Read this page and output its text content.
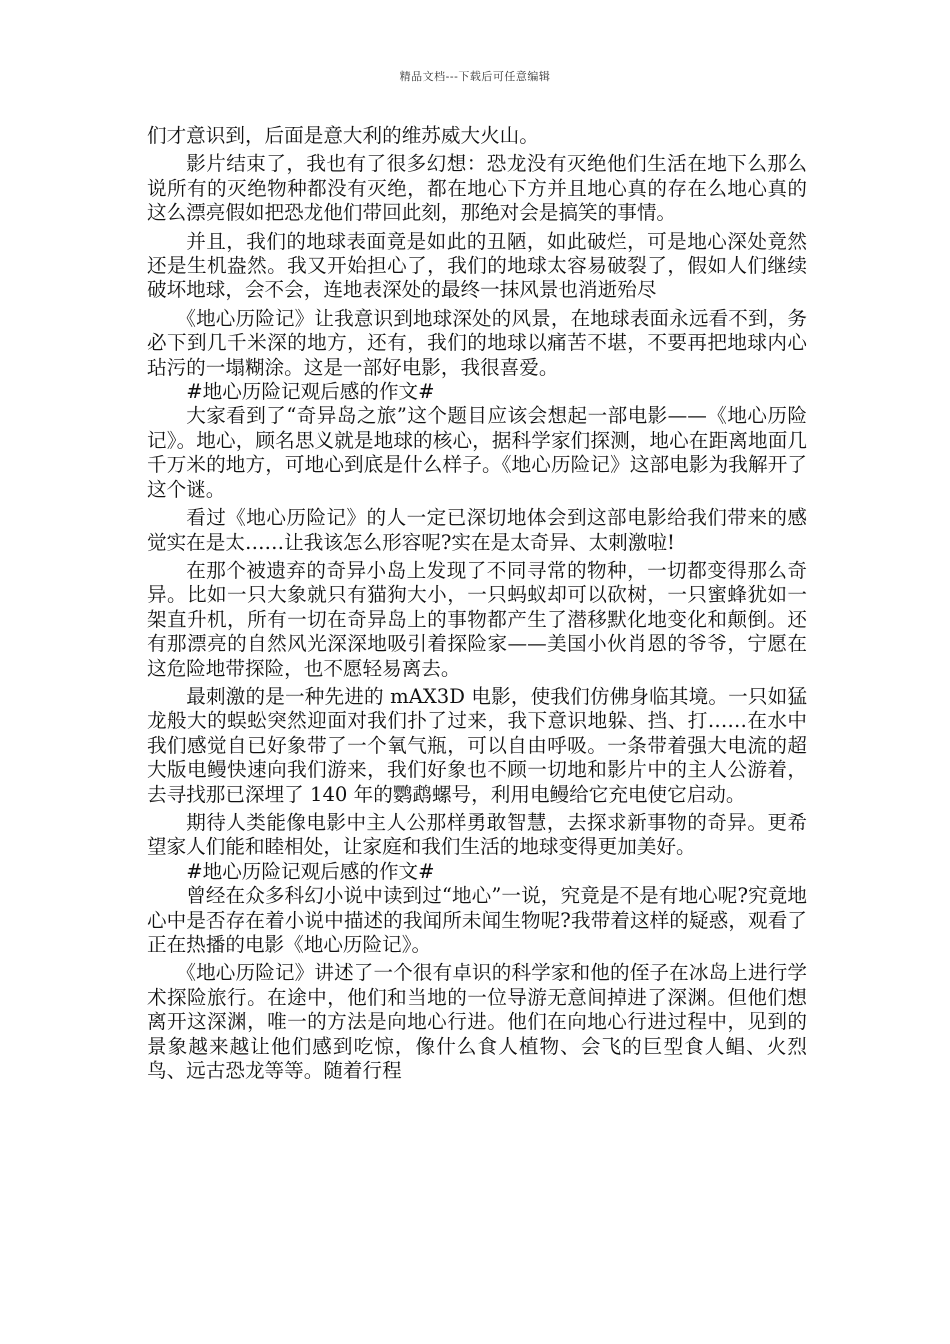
精品文档---下载后可任意编辑

们才意识到，后面是意大利的维苏威大火山。

影片结束了，我也有了很多幻想：恐龙没有灭绝他们生活在地下么那么说所有的灭绝物种都没有灭绝，都在地心下方并且地心真的存在么地心真的这么漂亮假如把恐龙他们带回此刻，那绝对会是搞笑的事情。

并且，我们的地球表面竟是如此的丑陋，如此破烂，可是地心深处竟然还是生机盎然。我又开始担心了，我们的地球太容易破裂了，假如人们继续破坏地球，会不会，连地表深处的最终一抹风景也消逝殆尽

《地心历险记》让我意识到地球深处的风景，在地球表面永远看不到，务必下到几千米深的地方，还有，我们的地球以痛苦不堪，不要再把地球内心玷污的一塌糊涂。这是一部好电影，我很喜爱。

#地心历险记观后感的作文#

大家看到了“奇异岛之旅”这个题目应该会想起一部电影——《地心历险记》。地心，顾名思义就是地球的核心，据科学家们探测，地心在距离地面几千万米的地方，可地心到底是什么样子。《地心历险记》这部电影为我解开了这个谜。

看过《地心历险记》的人一定已深切地体会到这部电影给我们带来的感觉实在是太……让我该怎么形容呢?实在是太奇异、太刺激啦!

在那个被遗弃的奇异小岛上发现了不同寻常的物种，一切都变得那么奇异。比如一只大象就只有猫狗大小，一只蚂蚁却可以砍树，一只蜜蜂犹如一架直升机，所有一切在奇异岛上的事物都产生了潜移默化地变化和颠倒。还有那漂亮的自然风光深深地吸引着探险家——美国小伙肖恩的爷爷，宁愿在这危险地带探险，也不愿轻易离去。

最刺激的是一种先进的 mAX3D 电影，使我们仿佛身临其境。一只如猛龙般大的蜈蚣突然迎面对我们扑了过来，我下意识地躲、挡、打……在水中我们感觉自已好象带了一个氧气瓶，可以自由呼吸。一条带着强大电流的超大版电鳗快速向我们游来，我们好象也不顾一切地和影片中的主人公游着，去寻找那已深埋了 140 年的鹦鹉螺号，利用电鳗给它充电使它启动。

期待人类能像电影中主人公那样勇敢智慧，去探求新事物的奇异。更希望家人们能和睦相处，让家庭和我们生活的地球变得更加美好。

#地心历险记观后感的作文#

曾经在众多科幻小说中读到过“地心”一说，究竟是不是有地心呢?究竟地心中是否存在着小说中描述的我闻所未闻生物呢?我带着这样的疑惑，观看了正在热播的电影《地心历险记》。

《地心历险记》讲述了一个很有卓识的科学家和他的侄子在冰岛上进行学术探险旅行。在途中，他们和当地的一位导游无意间掉进了深渊。但他们想离开这深渊，唯一的方法是向地心行进。他们在向地心行进过程中，见到的景象越来越让他们感到吃惊，像什么食人植物、会飞的巨型食人鲳、火烈鸟、远古恐龙等等。随着行程
